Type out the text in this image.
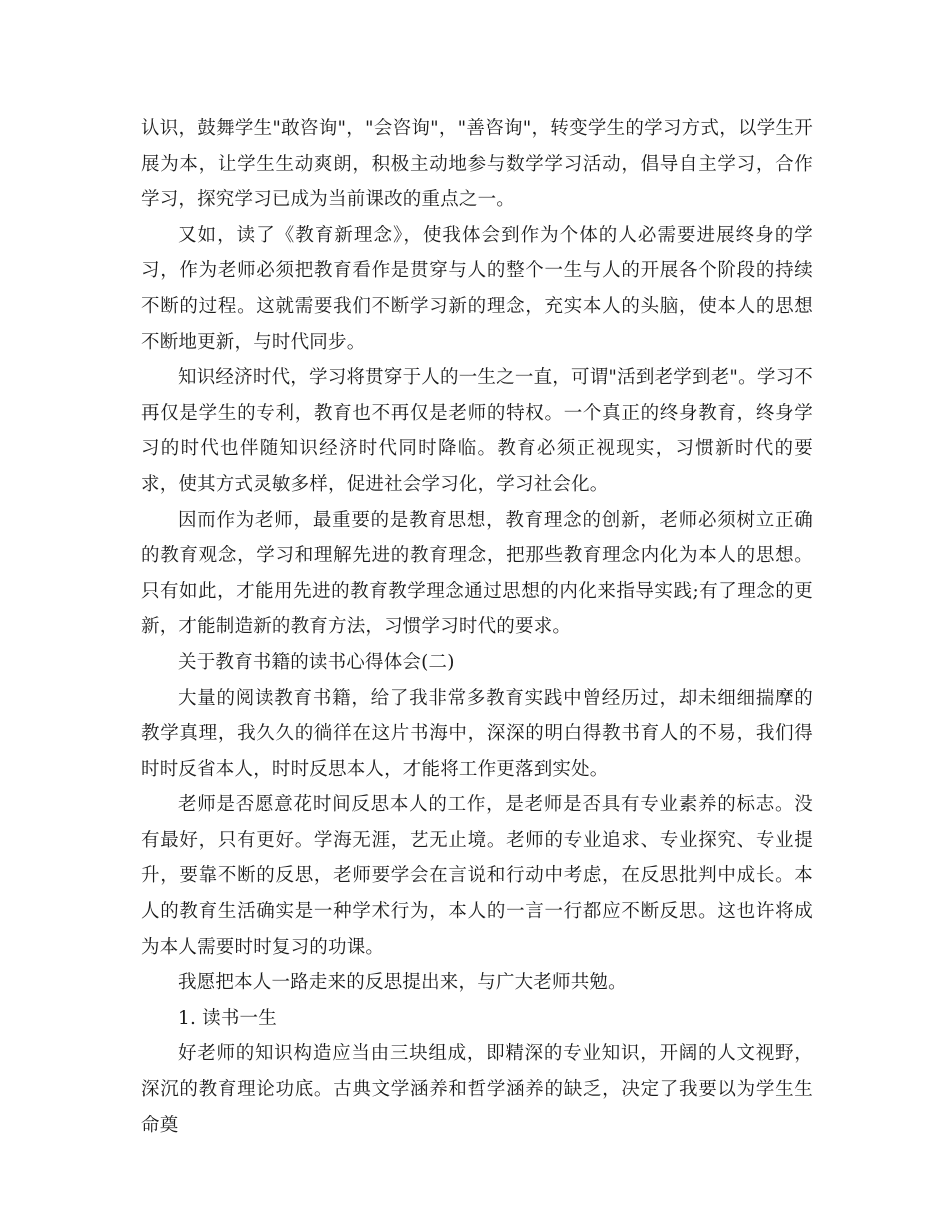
认识，鼓舞学生"敢咨询"，"会咨询"，"善咨询"，转变学生的学习方式，以学生开展为本，让学生生动爽朗，积极主动地参与数学学习活动，倡导自主学习，合作学习，探究学习已成为当前课改的重点之一。

又如，读了《教育新理念》，使我体会到作为个体的人必需要进展终身的学习，作为老师必须把教育看作是贯穿与人的整个一生与人的开展各个阶段的持续不断的过程。这就需要我们不断学习新的理念，充实本人的头脑，使本人的思想不断地更新，与时代同步。

知识经济时代，学习将贯穿于人的一生之一直，可谓"活到老学到老"。学习不再仅是学生的专利，教育也不再仅是老师的特权。一个真正的终身教育，终身学习的时代也伴随知识经济时代同时降临。教育必须正视现实，习惯新时代的要求，使其方式灵敏多样，促进社会学习化，学习社会化。

因而作为老师，最重要的是教育思想，教育理念的创新，老师必须树立正确的教育观念，学习和理解先进的教育理念，把那些教育理念内化为本人的思想。只有如此，才能用先进的教育教学理念通过思想的内化来指导实践;有了理念的更新，才能制造新的教育方法，习惯学习时代的要求。

关于教育书籍的读书心得体会(二)

大量的阅读教育书籍，给了我非常多教育实践中曾经历过，却未细细揣摩的教学真理，我久久的徜徉在这片书海中，深深的明白得教书育人的不易，我们得时时反省本人，时时反思本人，才能将工作更落到实处。

老师是否愿意花时间反思本人的工作，是老师是否具有专业素养的标志。没有最好，只有更好。学海无涯，艺无止境。老师的专业追求、专业探究、专业提升，要靠不断的反思，老师要学会在言说和行动中考虑，在反思批判中成长。本人的教育生活确实是一种学术行为，本人的一言一行都应不断反思。这也许将成为本人需要时时复习的功课。

我愿把本人一路走来的反思提出来，与广大老师共勉。

1. 读书一生

好老师的知识构造应当由三块组成，即精深的专业知识，开阔的人文视野，深沉的教育理论功底。古典文学涵养和哲学涵养的缺乏，决定了我要以为学生生命奠
